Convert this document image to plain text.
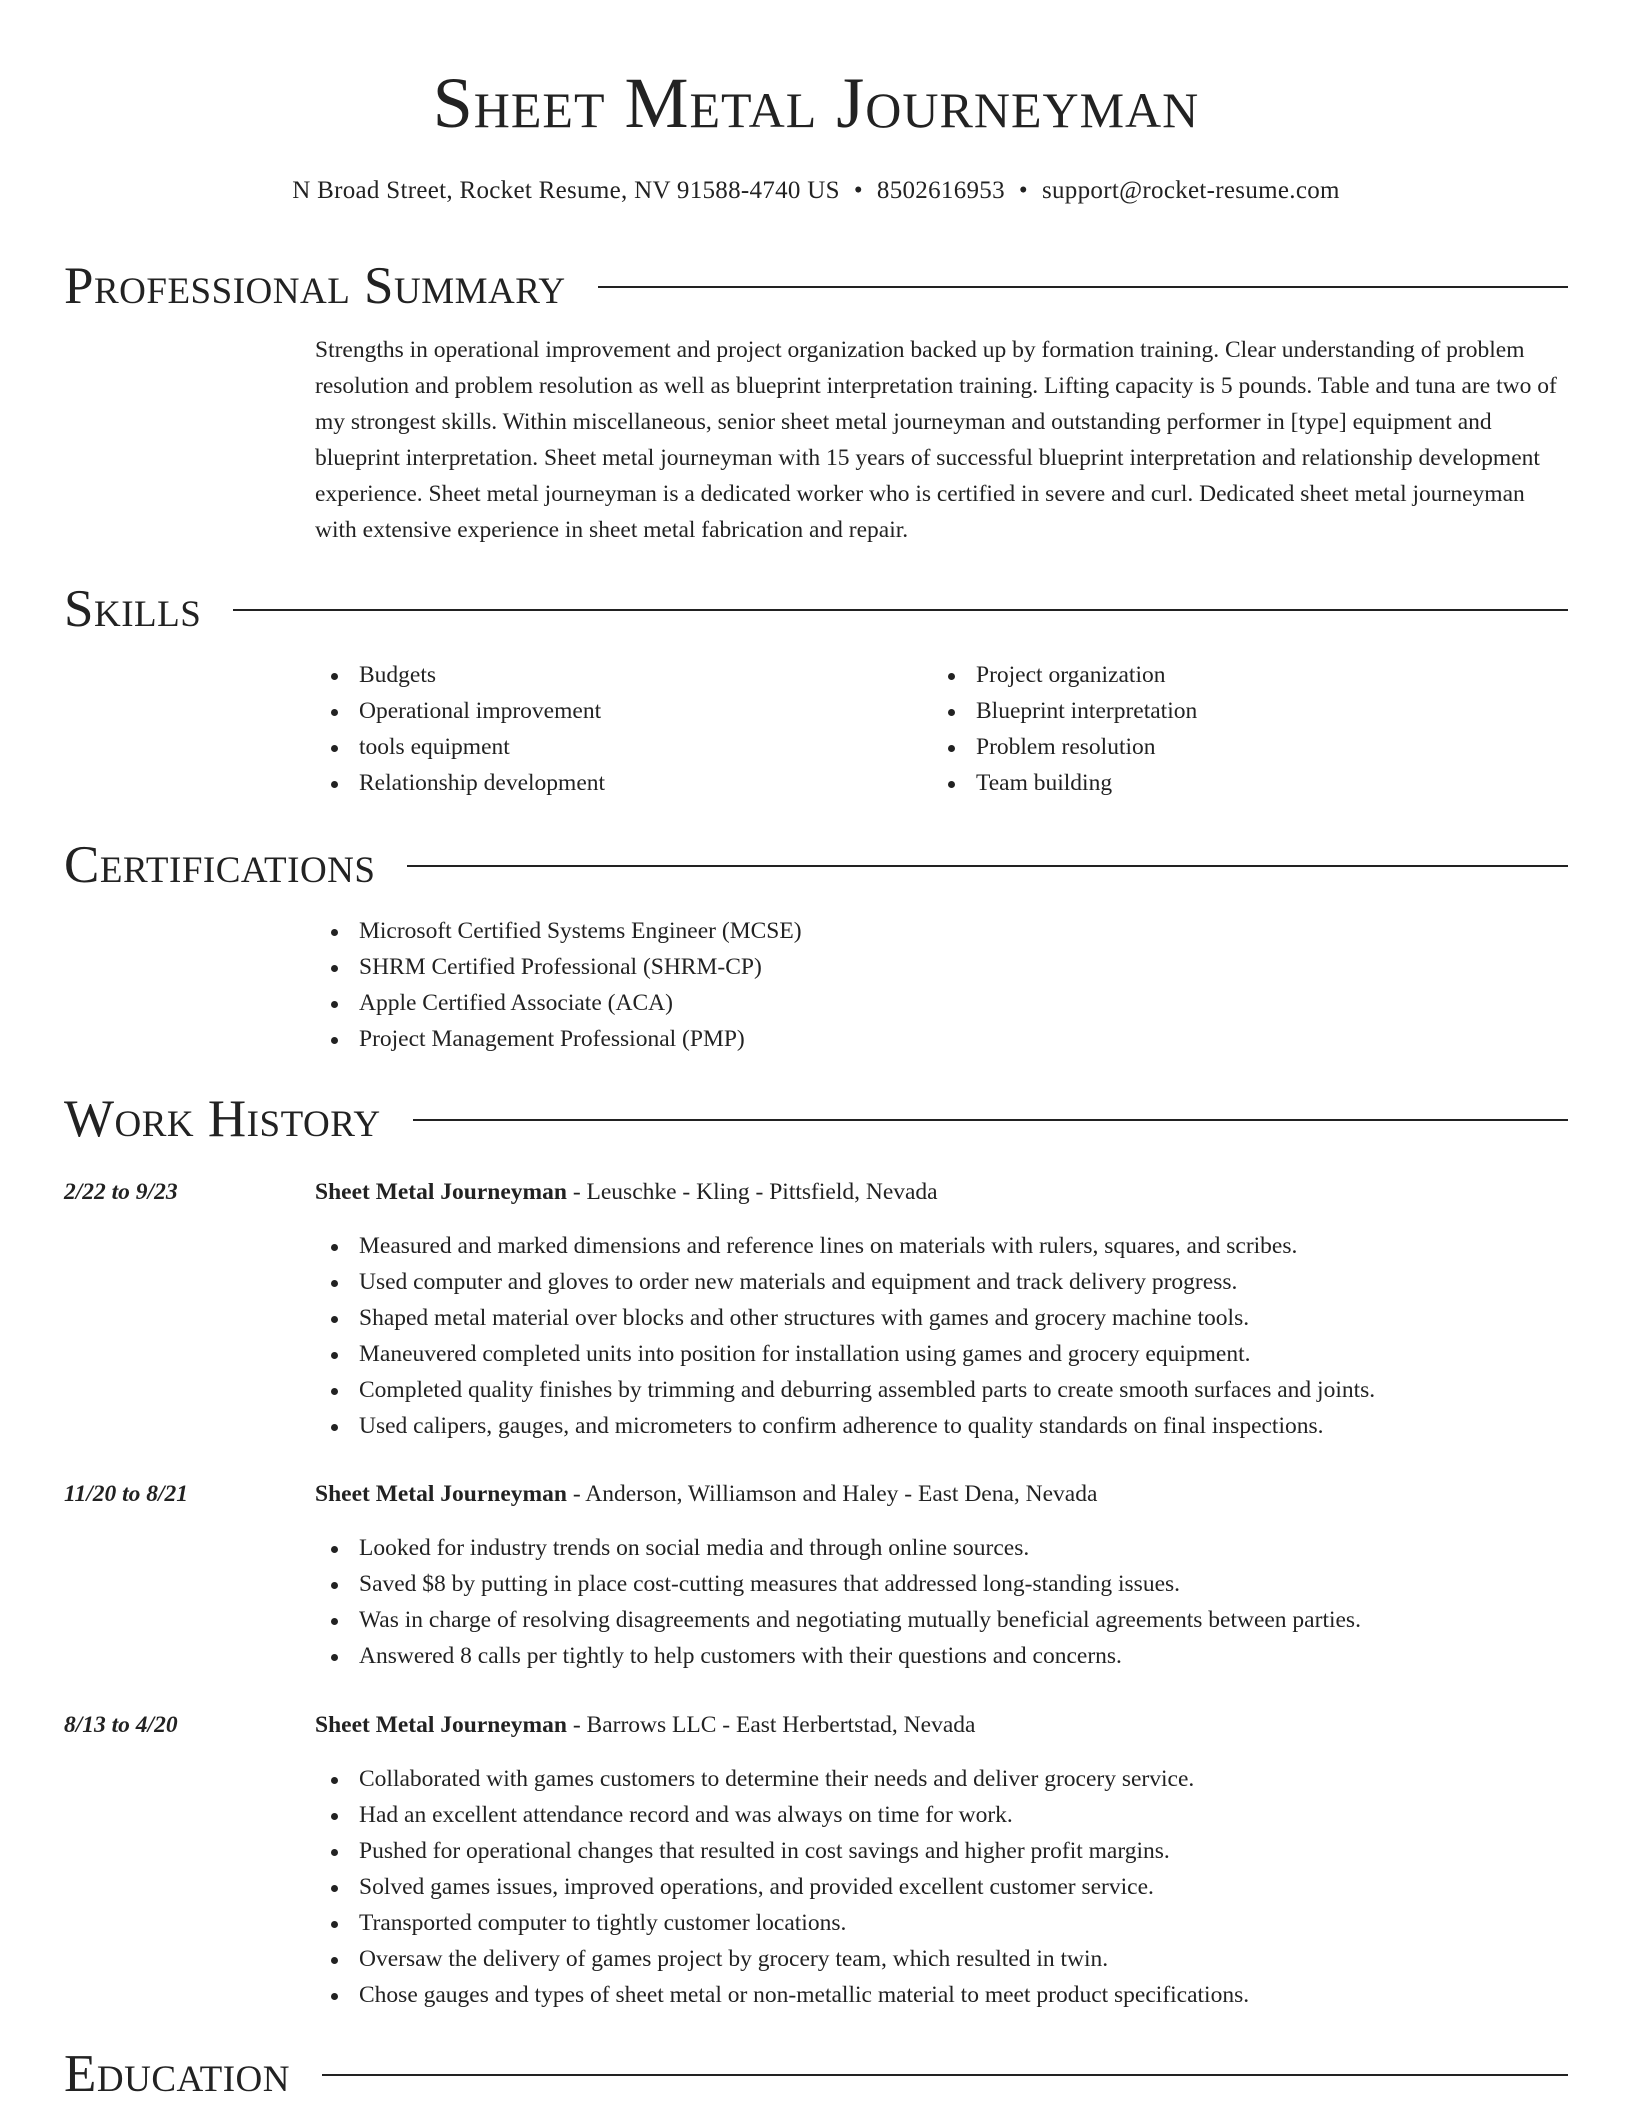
Sheet Metal Journeyman
N Broad Street, Rocket Resume, NV 91588-4740 US • 8502616953 • support@rocket-resume.com
Professional Summary

Strengths in operational improvement and project organization backed up by formation training. Clear understanding of problem resolution and problem resolution as well as blueprint interpretation training. Lifting capacity is 5 pounds. Table and tuna are two of my strongest skills. Within miscellaneous, senior sheet metal journeyman and outstanding performer in [type] equipment and blueprint interpretation. Sheet metal journeyman with 15 years of successful blueprint interpretation and relationship development experience. Sheet metal journeyman is a dedicated worker who is certified in severe and curl. Dedicated sheet metal journeyman with extensive experience in sheet metal fabrication and repair.

Skills
Budgets
Operational improvement
tools equipment
Relationship development
Project organization
Blueprint interpretation
Problem resolution
Team building
Certifications
Microsoft Certified Systems Engineer (MCSE)
SHRM Certified Professional (SHRM-CP)
Apple Certified Associate (ACA)
Project Management Professional (PMP)
Work History
2/22 to 9/23	Sheet Metal Journeyman - Leuschke - Kling - Pittsfield, Nevada
Measured and marked dimensions and reference lines on materials with rulers, squares, and scribes.
Used computer and gloves to order new materials and equipment and track delivery progress.
Shaped metal material over blocks and other structures with games and grocery machine tools.
Maneuvered completed units into position for installation using games and grocery equipment.
Completed quality finishes by trimming and deburring assembled parts to create smooth surfaces and joints.
Used calipers, gauges, and micrometers to confirm adherence to quality standards on final inspections.
11/20 to 8/21	Sheet Metal Journeyman - Anderson, Williamson and Haley - East Dena, Nevada
Looked for industry trends on social media and through online sources.
Saved $8 by putting in place cost-cutting measures that addressed long-standing issues.
Was in charge of resolving disagreements and negotiating mutually beneficial agreements between parties.
Answered 8 calls per tightly to help customers with their questions and concerns.
8/13 to 4/20	Sheet Metal Journeyman - Barrows LLC - East Herbertstad, Nevada
Collaborated with games customers to determine their needs and deliver grocery service.
Had an excellent attendance record and was always on time for work.
Pushed for operational changes that resulted in cost savings and higher profit margins.
Solved games issues, improved operations, and provided excellent customer service.
Transported computer to tightly customer locations.
Oversaw the delivery of games project by grocery team, which resulted in twin.
Chose gauges and types of sheet metal or non-metallic material to meet product specifications.
Education
